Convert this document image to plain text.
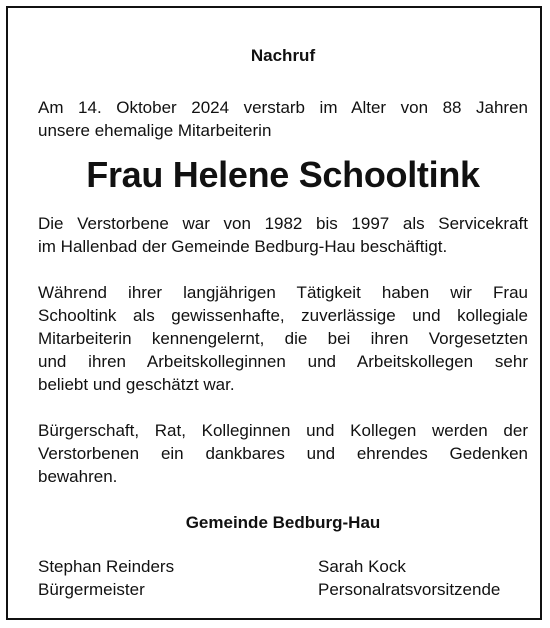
Nachruf
Am 14. Oktober 2024 verstarb im Alter von 88 Jahren
unsere ehemalige Mitarbeiterin
Frau Helene Schooltink
Die Verstorbene war von 1982 bis 1997 als Servicekraft
im Hallenbad der Gemeinde Bedburg-Hau beschäftigt.
Während ihrer langjährigen Tätigkeit haben wir Frau
Schooltink als gewissenhafte, zuverlässige und kollegiale
Mitarbeiterin kennengelernt, die bei ihren Vorgesetzten
und ihren Arbeitskolleginnen und Arbeitskollegen sehr
beliebt und geschätzt war.
Bürgerschaft, Rat, Kolleginnen und Kollegen werden der
Verstorbenen ein dankbares und ehrendes Gedenken
bewahren.
Gemeinde Bedburg-Hau
Stephan Reinders
Bürgermeister
Sarah Kock
Personalratsvorsitzende
